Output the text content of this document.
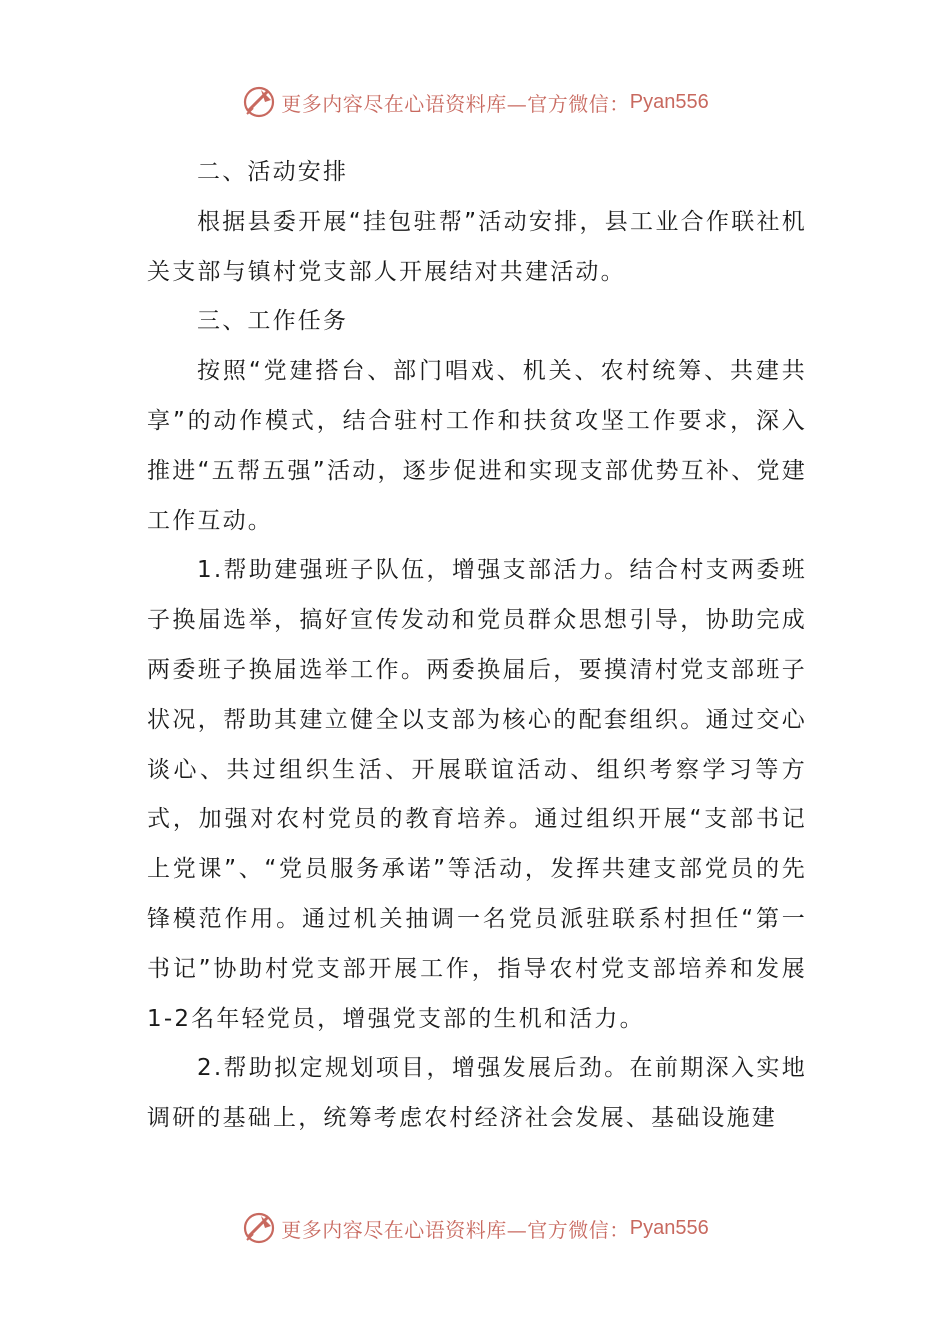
更多内容尽在心语资料库—官方微信： Pyan556

二、活动安排

根据县委开展“挂包驻帮”活动安排，县工业合作联社机关支部与镇村党支部人开展结对共建活动。

三、工作任务

按照“党建搭台、部门唱戏、机关、农村统筹、共建共享”的动作模式，结合驻村工作和扶贫攻坚工作要求，深入推进“五帮五强”活动，逐步促进和实现支部优势互补、党建工作互动。

1.帮助建强班子队伍，增强支部活力。结合村支两委班子换届选举，搞好宣传发动和党员群众思想引导，协助完成两委班子换届选举工作。两委换届后，要摸清村党支部班子状况，帮助其建立健全以支部为核心的配套组织。通过交心谈心、共过组织生活、开展联谊活动、组织考察学习等方式，加强对农村党员的教育培养。通过组织开展“支部书记上党课”、“党员服务承诺”等活动，发挥共建支部党员的先锋模范作用。通过机关抽调一名党员派驻联系村担任“第一书记”协助村党支部开展工作，指导农村党支部培养和发展1-2名年轻党员，增强党支部的生机和活力。

2.帮助拟定规划项目，增强发展后劲。在前期深入实地调研的基础上，统筹考虑农村经济社会发展、基础设施建

更多内容尽在心语资料库—官方微信： Pyan556
